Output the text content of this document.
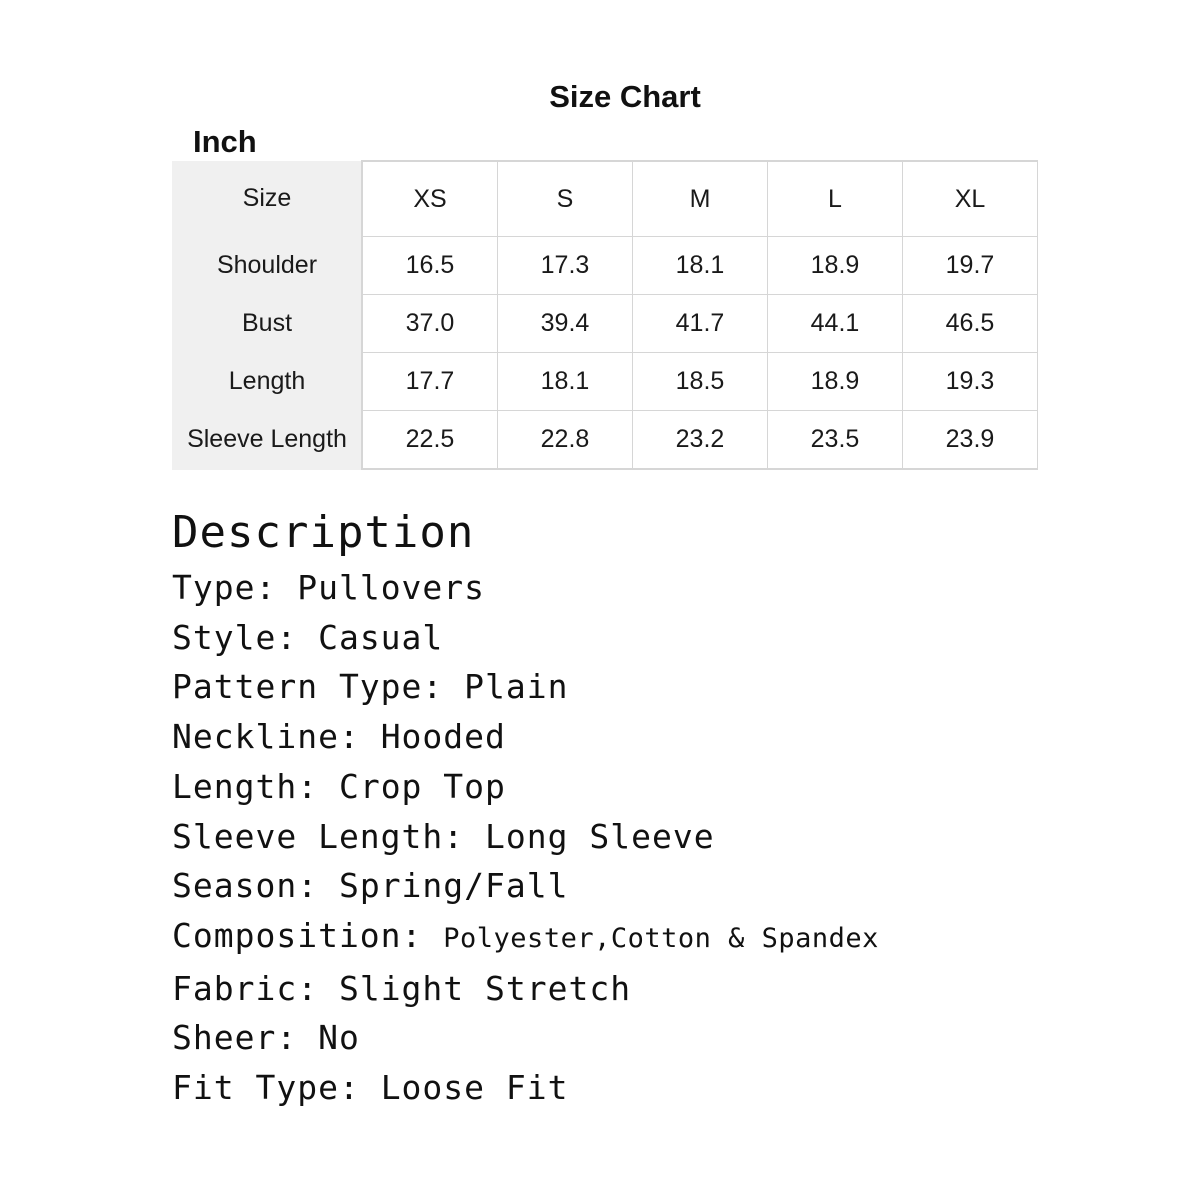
Size Chart
Inch
Size	XS	S	M	L	XL
Shoulder	16.5	17.3	18.1	18.9	19.7
Bust	37.0	39.4	41.7	44.1	46.5
Length	17.7	18.1	18.5	18.9	19.3
Sleeve Length	22.5	22.8	23.2	23.5	23.9
Description
Type: Pullovers
Style: Casual
Pattern Type: Plain
Neckline: Hooded
Length: Crop Top
Sleeve Length: Long Sleeve
Season: Spring/Fall
Composition: Polyester,Cotton & Spandex
Fabric: Slight Stretch
Sheer: No
Fit Type: Loose Fit
